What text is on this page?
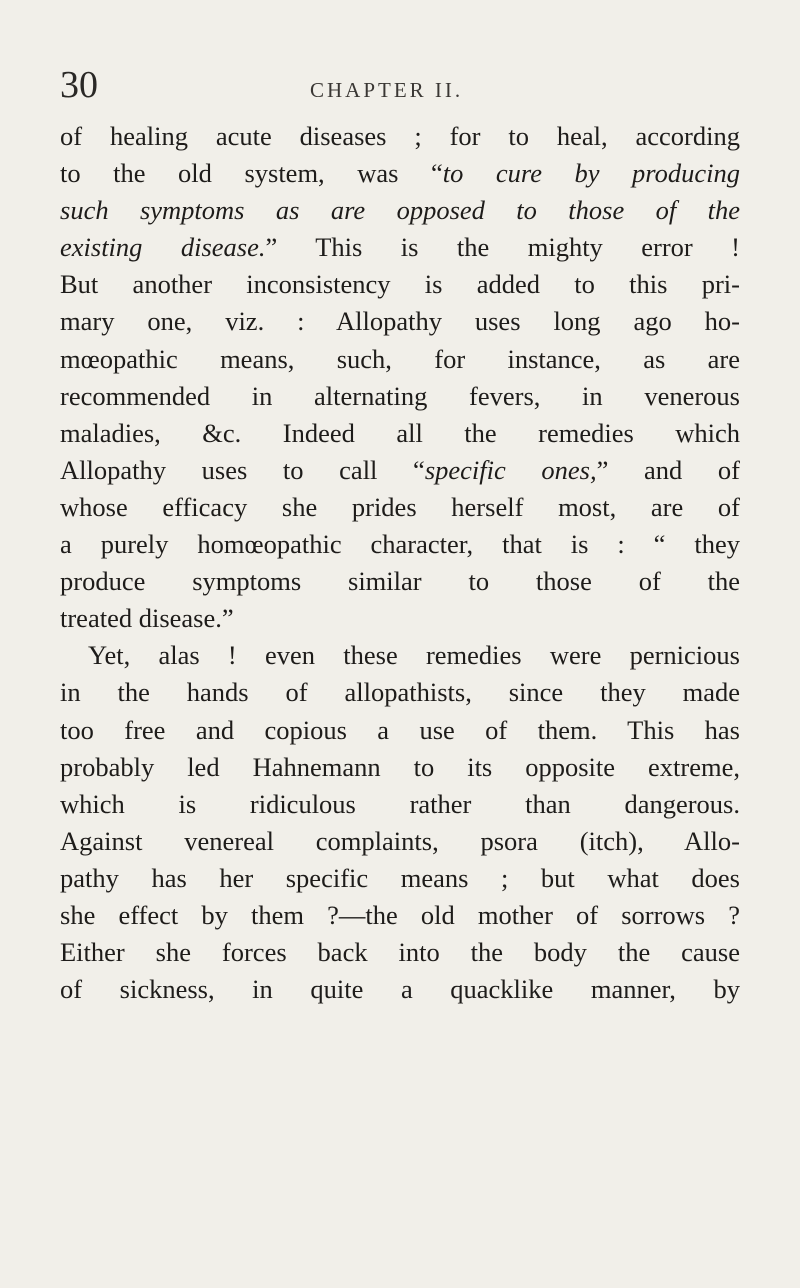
30	CHAPTER II.
of healing acute diseases ; for to heal, according
to the old system, was “to cure by producing
such symptoms as are opposed to those of the
existing disease.” This is the mighty error !
But another inconsistency is added to this pri-
mary one, viz. : Allopathy uses long ago ho-
mœopathic means, such, for instance, as are
recommended in alternating fevers, in venerous
maladies, &c. Indeed all the remedies which
Allopathy uses to call “specific ones,” and of
whose efficacy she prides herself most, are of
a purely homœopathic character, that is : “ they
produce symptoms similar to those of the
treated disease.”
Yet, alas ! even these remedies were pernicious
in the hands of allopathists, since they made
too free and copious a use of them. This has
probably led Hahnemann to its opposite extreme,
which is ridiculous rather than dangerous.
Against venereal complaints, psora (itch), Allo-
pathy has her specific means ; but what does
she effect by them ?—the old mother of sorrows ?
Either she forces back into the body the cause
of sickness, in quite a quacklike manner, by
